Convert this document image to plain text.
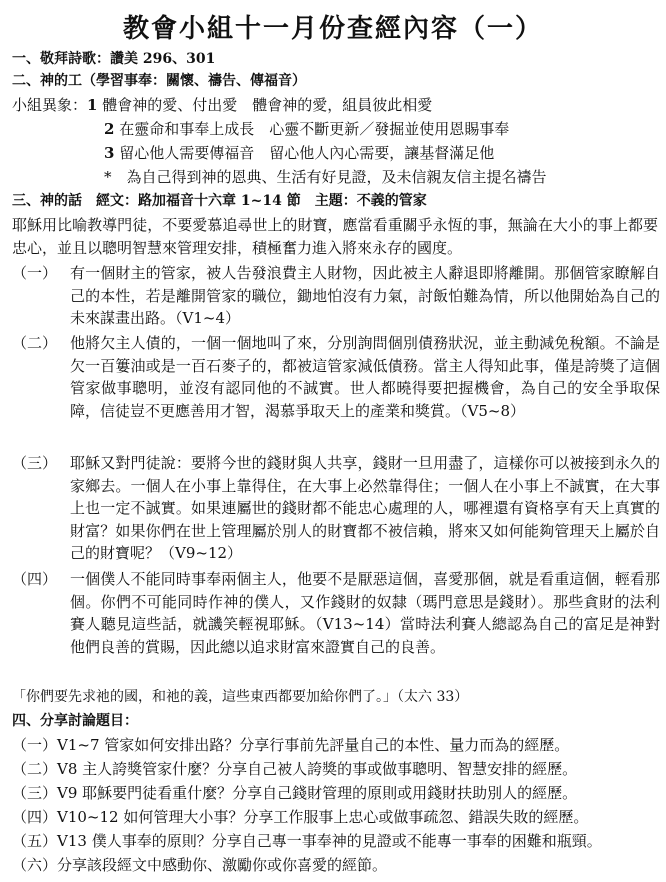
教會小組十一月份查經內容（一）
一、敬拜詩歌：讚美 296、301
二、神的工（學習事奉：關懷、禱告、傳福音）
小組異象：1 體會神的愛、付出愛　體會神的愛，組員彼此相愛
2 在靈命和事奉上成長　心靈不斷更新／發掘並使用恩賜事奉
3 留心他人需要傳福音　留心他人內心需要，讓基督滿足他
*　為自己得到神的恩典、生活有好見證，及未信親友信主提名禱告
三、神的話　經文：路加福音十六章 1~14 節　主題：不義的管家
耶穌用比喻教導門徒，不要愛慕追尋世上的財寶，應當看重關乎永恆的事，無論在大小的事上都要忠心，並且以聰明智慧來管理安排，積極奮力進入將來永存的國度。
（一） 有一個財主的管家，被人告發浪費主人財物，因此被主人辭退即將離開。那個管家瞭解自己的本性，若是離開管家的職位，鋤地怕沒有力氣，討飯怕難為情，所以他開始為自己的未來謀畫出路。（V1~4）
（二） 他將欠主人債的，一個一個地叫了來，分別詢問個別債務狀況，並主動減免稅額。不論是欠一百簍油或是一百石麥子的，都被這管家減低債務。當主人得知此事，僅是誇獎了這個管家做事聰明，並沒有認同他的不誠實。世人都曉得要把握機會，為自己的安全爭取保障，信徒豈不更應善用才智，渴慕爭取天上的產業和獎賞。（V5~8）
（三） 耶穌又對門徒說：要將今世的錢財與人共享，錢財一旦用盡了，這樣你可以被接到永久的家鄉去。一個人在小事上靠得住，在大事上必然靠得住；一個人在小事上不誠實，在大事上也一定不誠實。如果連屬世的錢財都不能忠心處理的人，哪裡還有資格享有天上真實的財富？如果你們在世上管理屬於別人的財寶都不被信賴，將來又如何能夠管理天上屬於自己的財寶呢？（V9~12）
（四） 一個僕人不能同時事奉兩個主人，他要不是厭惡這個，喜愛那個，就是看重這個，輕看那個。你們不可能同時作神的僕人，又作錢財的奴隸（瑪門意思是錢財）。那些貪財的法利賽人聽見這些話，就譏笑輕視耶穌。（V13~14）當時法利賽人總認為自己的富足是神對他們良善的賞賜，因此總以追求財富來證實自己的良善。
「你們要先求祂的國，和祂的義，這些東西都要加給你們了。」（太六 33）
四、分享討論題目：
（一）V1~7 管家如何安排出路？分享行事前先評量自己的本性、量力而為的經歷。
（二）V8 主人誇獎管家什麼？分享自己被人誇獎的事或做事聰明、智慧安排的經歷。
（三）V9 耶穌要門徒看重什麼？分享自己錢財管理的原則或用錢財扶助別人的經歷。
（四）V10~12 如何管理大小事？分享工作服事上忠心或做事疏忽、錯誤失敗的經歷。
（五）V13 僕人事奉的原則？分享自己專一事奉神的見證或不能專一事奉的困難和瓶頸。
（六）分享該段經文中感動你、激勵你或你喜愛的經節。
